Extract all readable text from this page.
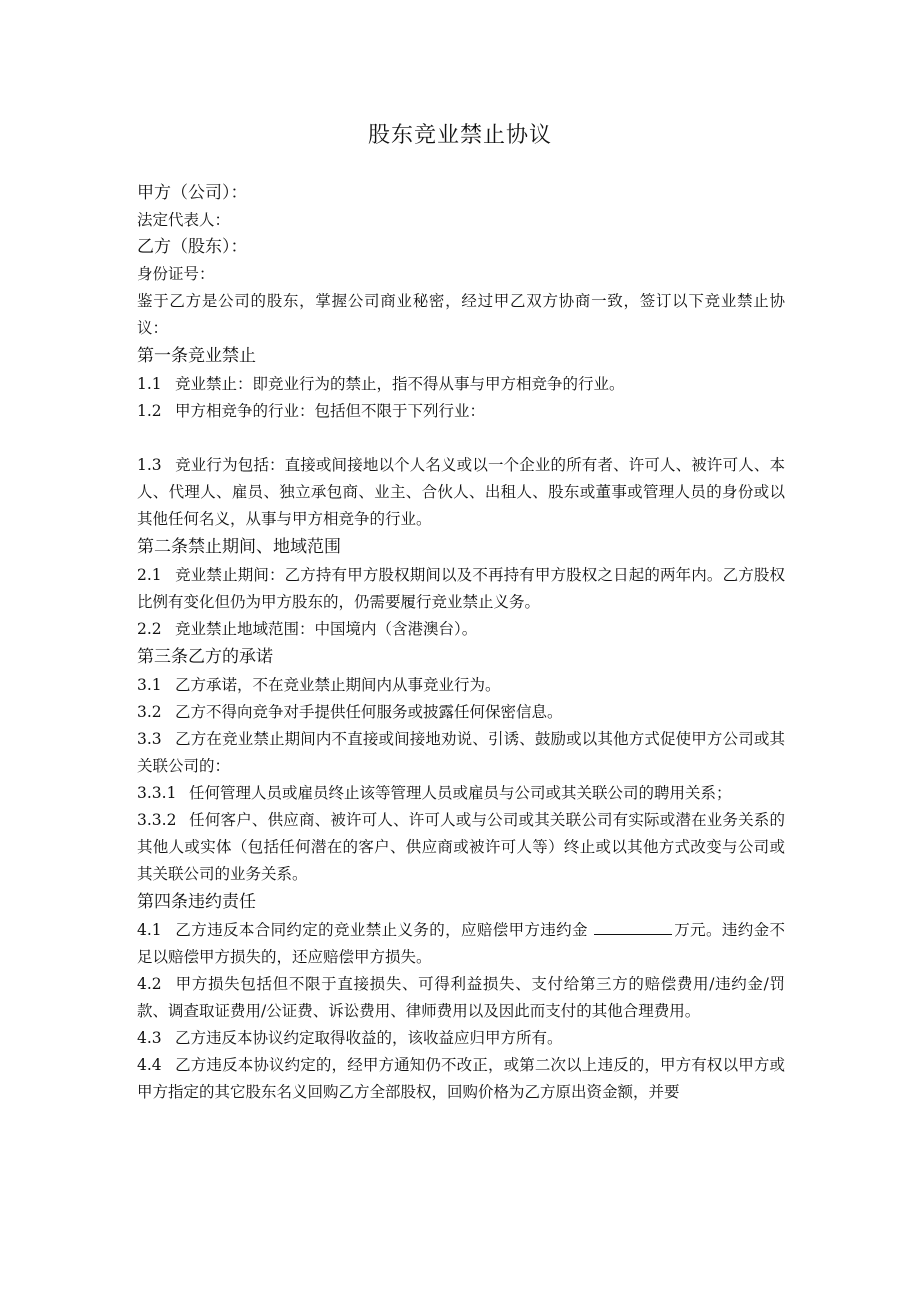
股东竞业禁止协议

甲方（公司）：

法定代表人：

乙方（股东）：

身份证号：

鉴于乙方是公司的股东，掌握公司商业秘密，经过甲乙双方协商一致，签订以下竞业禁止协议：

第一条竞业禁止

1.1 竞业禁止：即竞业行为的禁止，指不得从事与甲方相竞争的行业。

1.2 甲方相竞争的行业：包括但不限于下列行业：

1.3 竞业行为包括：直接或间接地以个人名义或以一个企业的所有者、许可人、被许可人、本人、代理人、雇员、独立承包商、业主、合伙人、出租人、股东或董事或管理人员的身份或以其他任何名义，从事与甲方相竞争的行业。

第二条禁止期间、地域范围

2.1 竞业禁止期间：乙方持有甲方股权期间以及不再持有甲方股权之日起的两年内。乙方股权比例有变化但仍为甲方股东的，仍需要履行竞业禁止义务。

2.2 竞业禁止地域范围：中国境内（含港澳台）。

第三条乙方的承诺

3.1 乙方承诺，不在竞业禁止期间内从事竞业行为。

3.2 乙方不得向竞争对手提供任何服务或披露任何保密信息。

3.3 乙方在竞业禁止期间内不直接或间接地劝说、引诱、鼓励或以其他方式促使甲方公司或其关联公司的：

3.3.1 任何管理人员或雇员终止该等管理人员或雇员与公司或其关联公司的聘用关系；

3.3.2 任何客户、供应商、被许可人、许可人或与公司或其关联公司有实际或潜在业务关系的其他人或实体（包括任何潜在的客户、供应商或被许可人等）终止或以其他方式改变与公司或其关联公司的业务关系。

第四条违约责任

4.1 乙方违反本合同约定的竞业禁止义务的，应赔偿甲方违约金	万元。违约金不足以赔偿甲方损失的，还应赔偿甲方损失。

4.2 甲方损失包括但不限于直接损失、可得利益损失、支付给第三方的赔偿费用/违约金/罚款、调查取证费用/公证费、诉讼费用、律师费用以及因此而支付的其他合理费用。

4.3 乙方违反本协议约定取得收益的，该收益应归甲方所有。

4.4 乙方违反本协议约定的，经甲方通知仍不改正，或第二次以上违反的，甲方有权以甲方或甲方指定的其它股东名义回购乙方全部股权，回购价格为乙方原出资金额，并要
